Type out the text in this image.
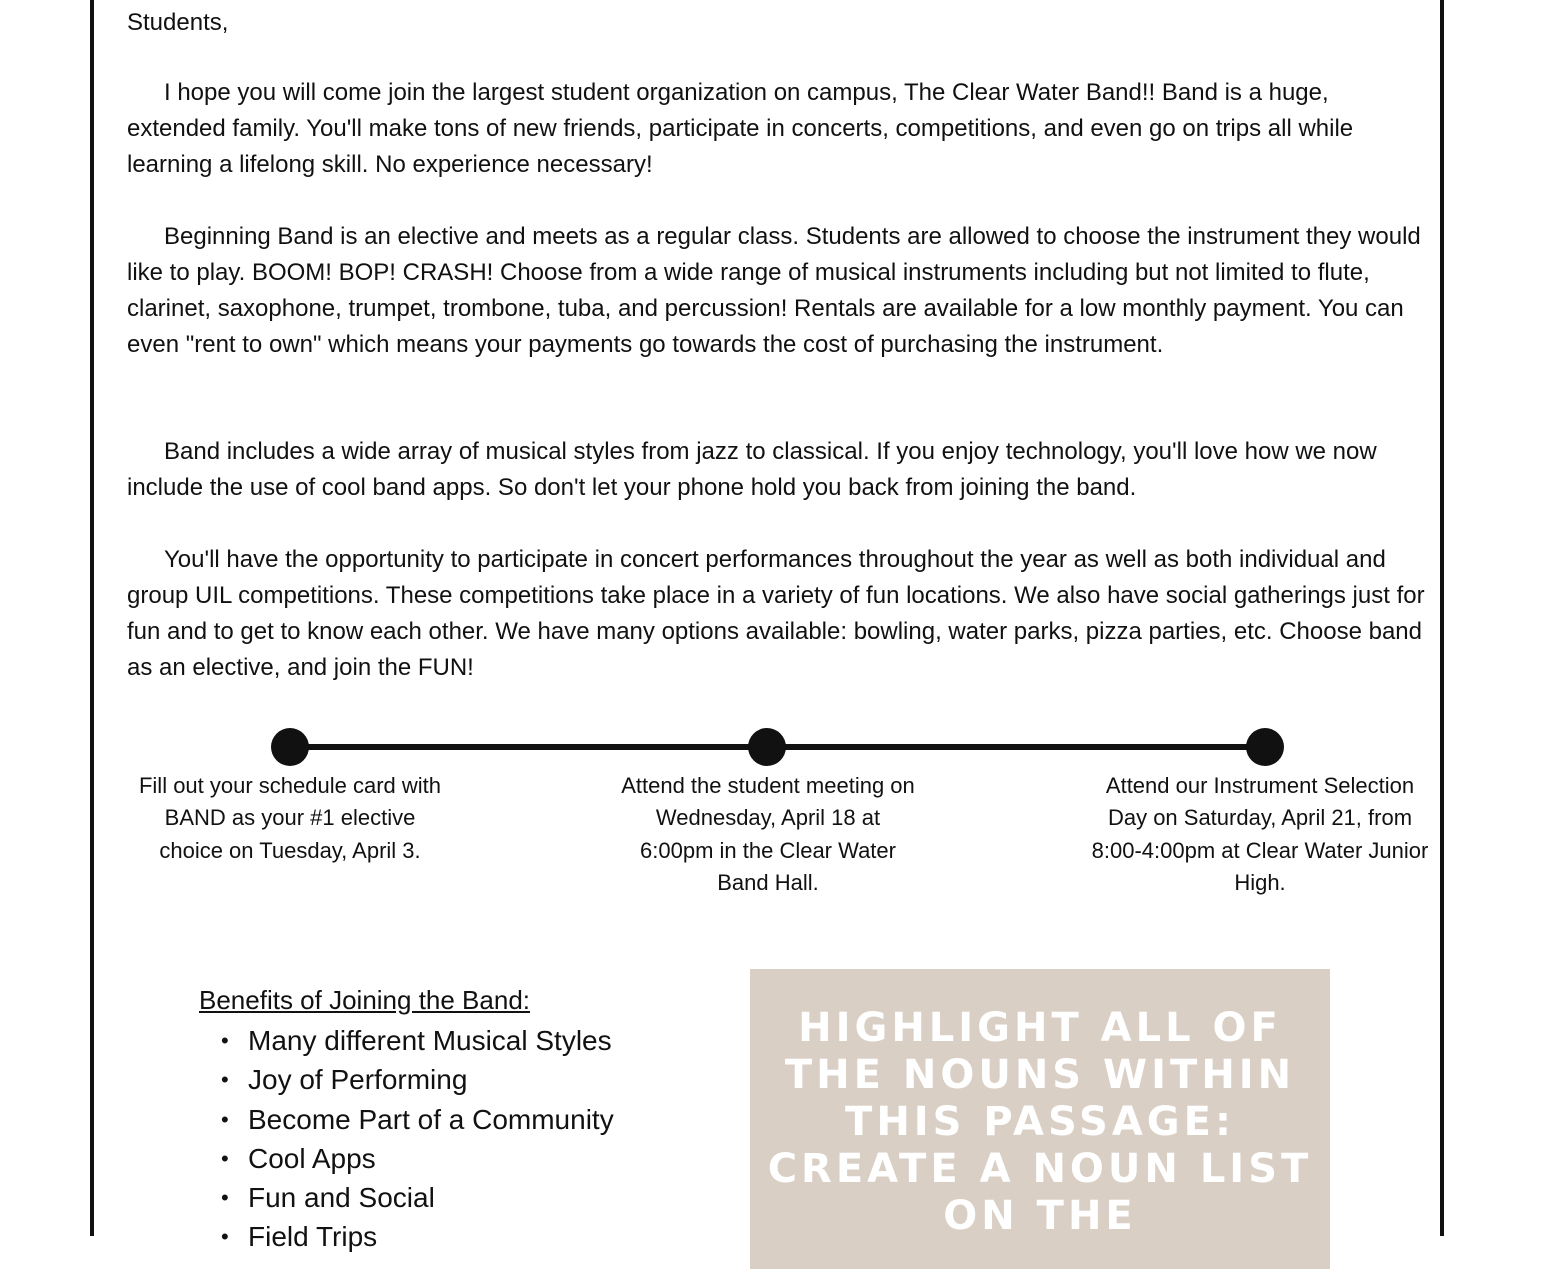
Students,

I hope you will come join the largest student organization on campus, The Clear Water Band!! Band is a huge, extended family. You'll make tons of new friends, participate in concerts, competitions, and even go on trips all while learning a lifelong skill. No experience necessary!

Beginning Band is an elective and meets as a regular class. Students are allowed to choose the instrument they would like to play. BOOM! BOP! CRASH! Choose from a wide range of musical instruments including but not limited to flute, clarinet, saxophone, trumpet, trombone, tuba, and percussion! Rentals are available for a low monthly payment. You can even "rent to own" which means your payments go towards the cost of purchasing the instrument.

Band includes a wide array of musical styles from jazz to classical. If you enjoy technology, you'll love how we now include the use of cool band apps. So don't let your phone hold you back from joining the band.

You'll have the opportunity to participate in concert performances throughout the year as well as both individual and group UIL competitions. These competitions take place in a variety of fun locations. We also have social gatherings just for fun and to get to know each other. We have many options available: bowling, water parks, pizza parties, etc. Choose band as an elective, and join the FUN!

Fill out your schedule card with BAND as your #1 elective choice on Tuesday, April 3.
Attend the student meeting on Wednesday, April 18 at 6:00pm in the Clear Water Band Hall.
Attend our Instrument Selection Day on Saturday, April 21, from 8:00-4:00pm at Clear Water Junior High.
Benefits of Joining the Band:
• Many different Musical Styles
• Joy of Performing
• Become Part of a Community
• Cool Apps
• Fun and Social
• Field Trips
HIGHLIGHT ALL OF THE NOUNS WITHIN THIS PASSAGE: CREATE A NOUN LIST ON THE
